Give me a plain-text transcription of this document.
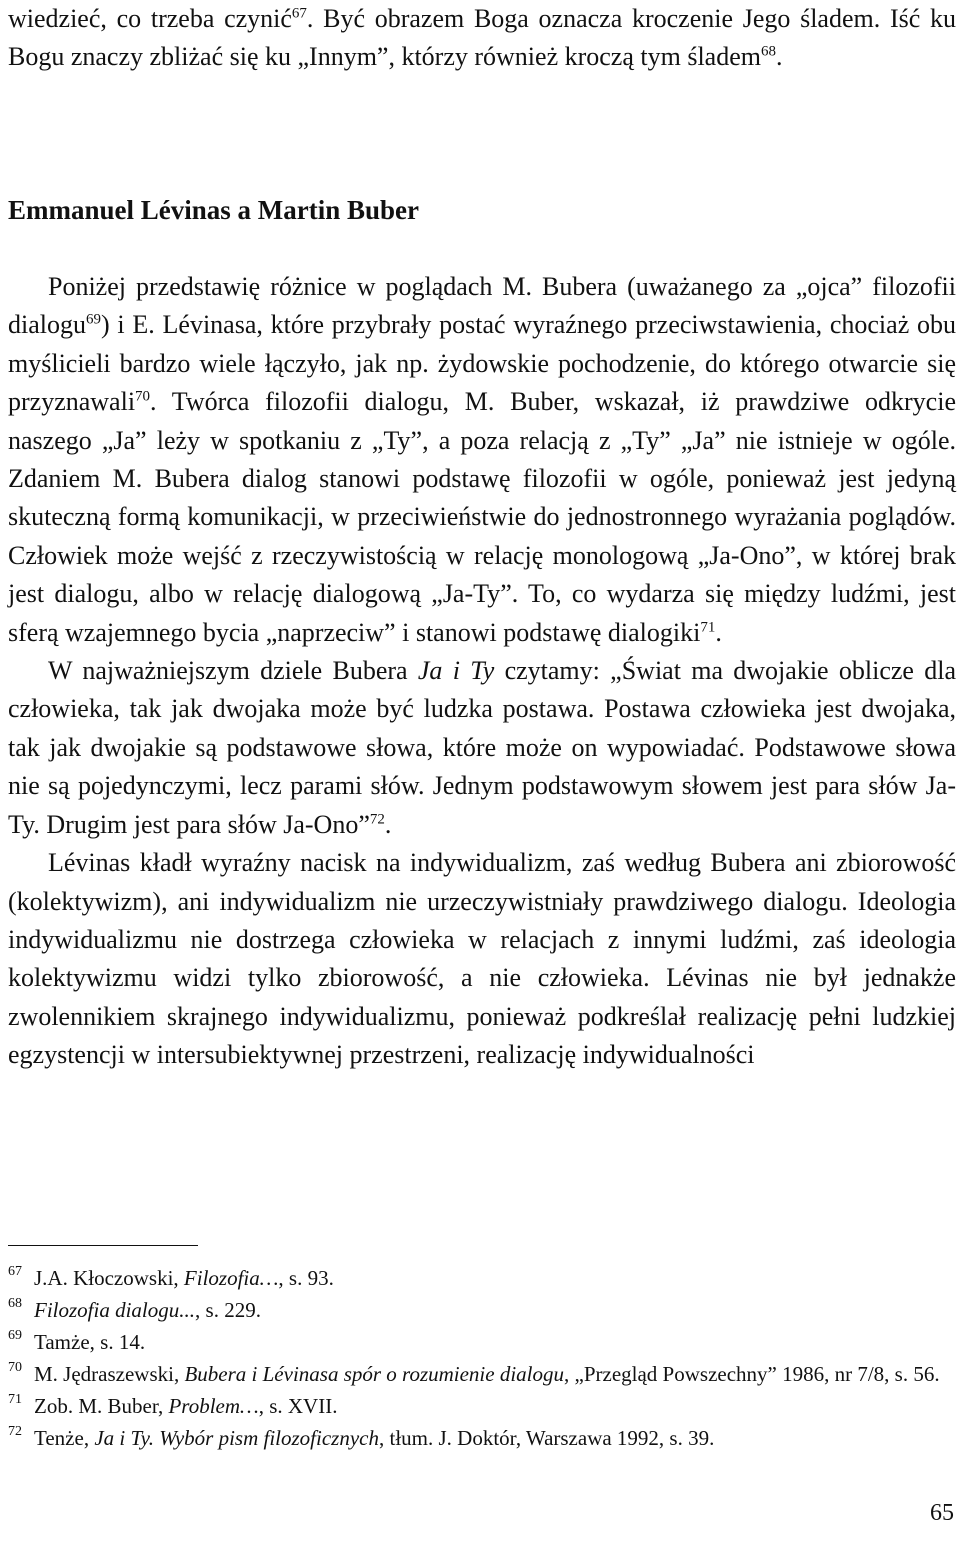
wiedzieć, co trzeba czynić$^{67}$. Być obrazem Boga oznacza kroczenie Jego śladem. Iść ku Bogu znaczy zbliżać się ku „Innym”, którzy również kroczą tym śladem$^{68}$.

Emmanuel Lévinas a Martin Buber

Poniżej przedstawię różnice w poglądach M. Bubera (uważanego za „ojca” filozofii dialogu$^{69}$) i E. Lévinasa, które przybrały postać wyraźnego przeciwstawienia, chociaż obu myślicieli bardzo wiele łączyło, jak np. żydowskie pochodzenie, do którego otwarcie się przyznawali$^{70}$. Twórca filozofii dialogu, M. Buber, wskazał, iż prawdziwe odkrycie naszego „Ja” leży w spotkaniu z „Ty”, a poza relacją z „Ty” „Ja” nie istnieje w ogóle. Zdaniem M. Bubera dialog stanowi podstawę filozofii w ogóle, ponieważ jest jedyną skuteczną formą komunikacji, w przeciwieństwie do jednostronnego wyrażania poglądów. Człowiek może wejść z rzeczywistością w relację monologową „Ja-Ono”, w której brak jest dialogu, albo w relację dialogową „Ja-Ty”. To, co wydarza się między ludźmi, jest sferą wzajemnego bycia „naprzeciw” i stanowi podstawę dialogiki$^{71}$.

W najważniejszym dziele Bubera Ja i Ty czytamy: „Świat ma dwojakie oblicze dla człowieka, tak jak dwojaka może być ludzka postawa. Postawa człowieka jest dwojaka, tak jak dwojakie są podstawowe słowa, które może on wypowiadać. Podstawowe słowa nie są pojedynczymi, lecz parami słów. Jednym podstawowym słowem jest para słów Ja-Ty. Drugim jest para słów Ja-Ono”$^{72}$.

Lévinas kładł wyraźny nacisk na indywidualizm, zaś według Bubera ani zbiorowość (kolektywizm), ani indywidualizm nie urzeczywistniały prawdziwego dialogu. Ideologia indywidualizmu nie dostrzega człowieka w relacjach z innymi ludźmi, zaś ideologia kolektywizmu widzi tylko zbiorowość, a nie człowieka. Lévinas nie był jednakże zwolennikiem skrajnego indywidualizmu, ponieważ podkreślał realizację pełni ludzkiej egzystencji w intersubiektywnej przestrzeni, realizację indywidualności

67 J.A. Kłoczowski, Filozofia…, s. 93.

68 Filozofia dialogu..., s. 229.

69 Tamże, s. 14.

70 M. Jędraszewski, Bubera i Lévinasa spór o rozumienie dialogu, „Przegląd Powszechny” 1986, nr 7/8, s. 56.

71 Zob. M. Buber, Problem…, s. XVII.

72 Tenże, Ja i Ty. Wybór pism filozoficznych, tłum. J. Doktór, Warszawa 1992, s. 39.

65
